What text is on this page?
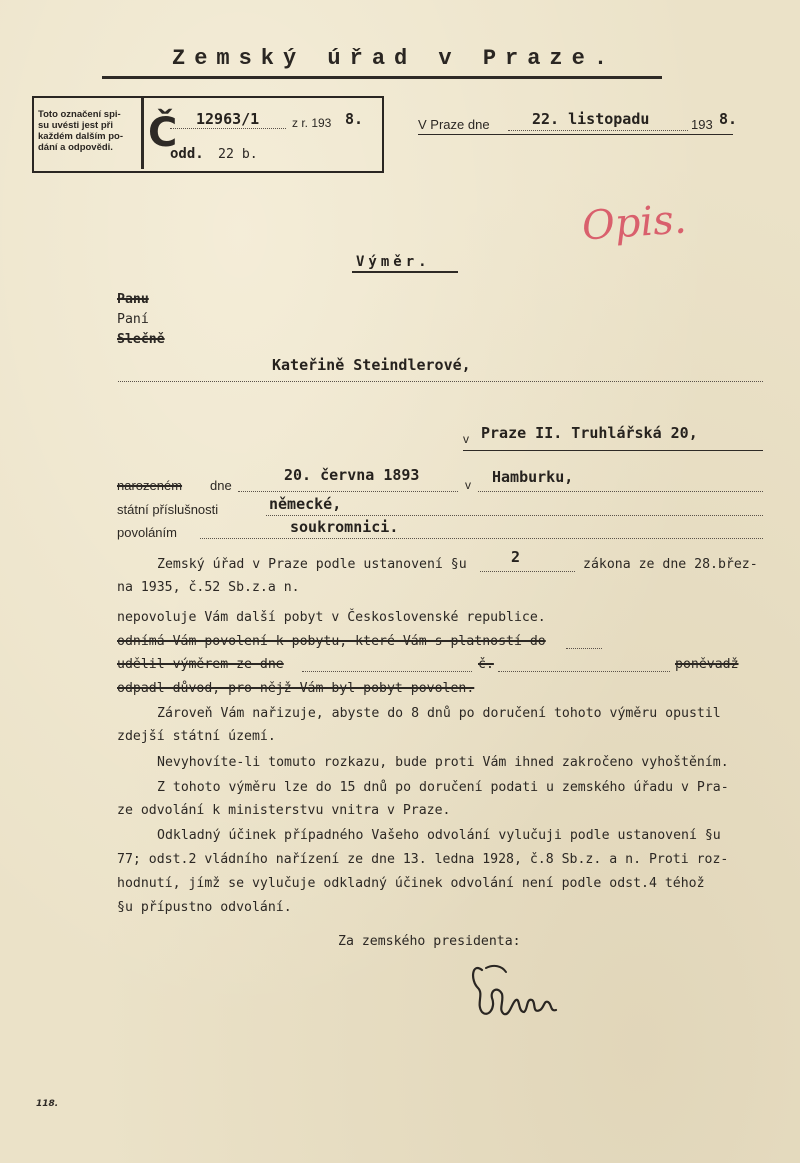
Zemský úřad v Praze.
Toto označení spi-
su uvésti jest při
každém dalším po-
dání a odpovědi. Č 12963/1	z r. 193 8.
odd. 22 b.
V Praze dne	22. listopadu	193 8.
Opis.
Výměr.
Panu
Paní
Slečně
Kateřině Steindlerové,
v Praze II. Truhlářská 20,
narozeném dne
20. června 1893
v Hamburku,
státní příslušnosti	německé,
povoláním	soukromnici.
Zemský úřad v Praze podle ustanovení §u	2	zákona ze dne 28.břez-
na 1935, č.52 Sb.z.a n.
nepovoluje Vám další pobyt v Československé republice.
odnímá Vám povolení k pobytu, které Vám s platností do
udělil výměrem ze dne	č.	poněvadž
odpadl důvod, pro nějž Vám byl pobyt povolen.
Zároveň Vám nařizuje, abyste do 8 dnů po doručení tohoto výměru opustil
zdejší státní území.
Nevyhovíte-li tomuto rozkazu, bude proti Vám ihned zakročeno vyhoštěním.
Z tohoto výměru lze do 15 dnů po doručení podati u zemského úřadu v Pra-
ze odvolání k ministerstvu vnitra v Praze.
Odkladný účinek případného Vašeho odvolání vylučuji podle ustanovení §u
77; odst.2 vládního nařízení ze dne 13. ledna 1928, č.8 Sb.z. a n. Proti roz-
hodnutí, jímž se vylučuje odkladný účinek odvolání není podle odst.4 téhož
§u přípustno odvolání.
Za zemského presidenta:
118.
